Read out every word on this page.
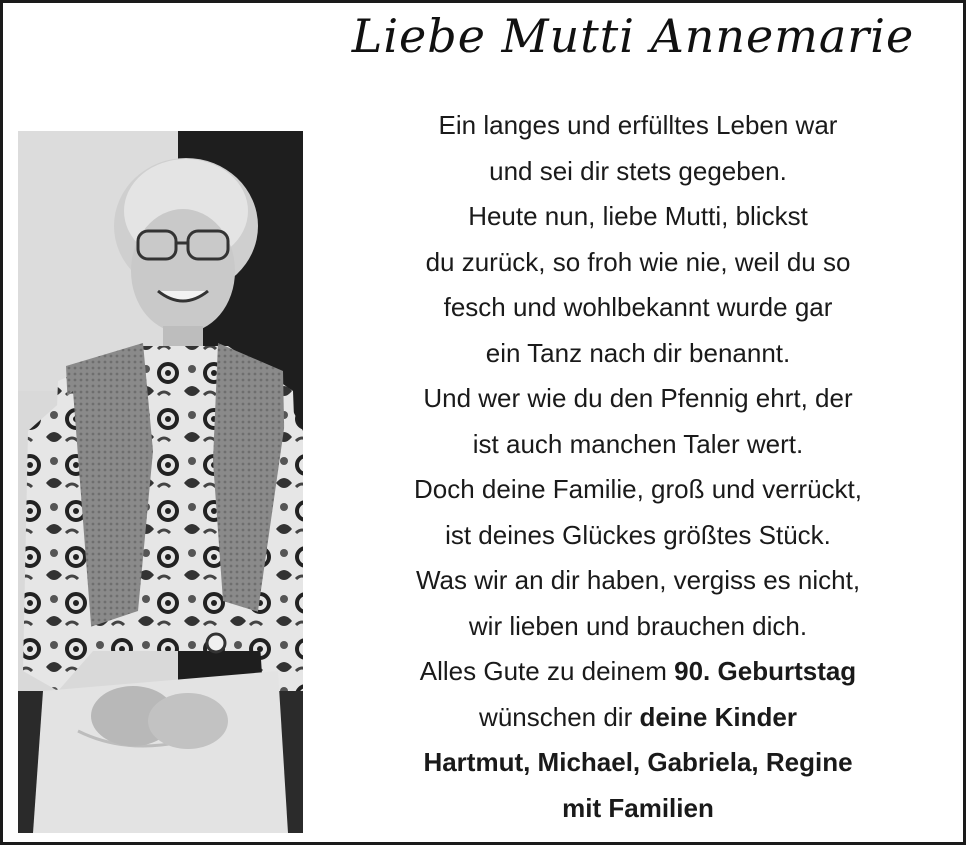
Liebe Mutti Annemarie
Ein langes und erfülltes Leben war
und sei dir stets gegeben.
Heute nun, liebe Mutti, blickst
du zurück, so froh wie nie, weil du so
fesch und wohlbekannt wurde gar
ein Tanz nach dir benannt.
Und wer wie du den Pfennig ehrt, der
ist auch manchen Taler wert.
Doch deine Familie, groß und verrückt,
ist deines Glückes größtes Stück.
Was wir an dir haben, vergiss es nicht,
wir lieben und brauchen dich.
Alles Gute zu deinem 90. Geburtstag
wünschen dir deine Kinder
Hartmut, Michael, Gabriela, Regine
mit Familien
